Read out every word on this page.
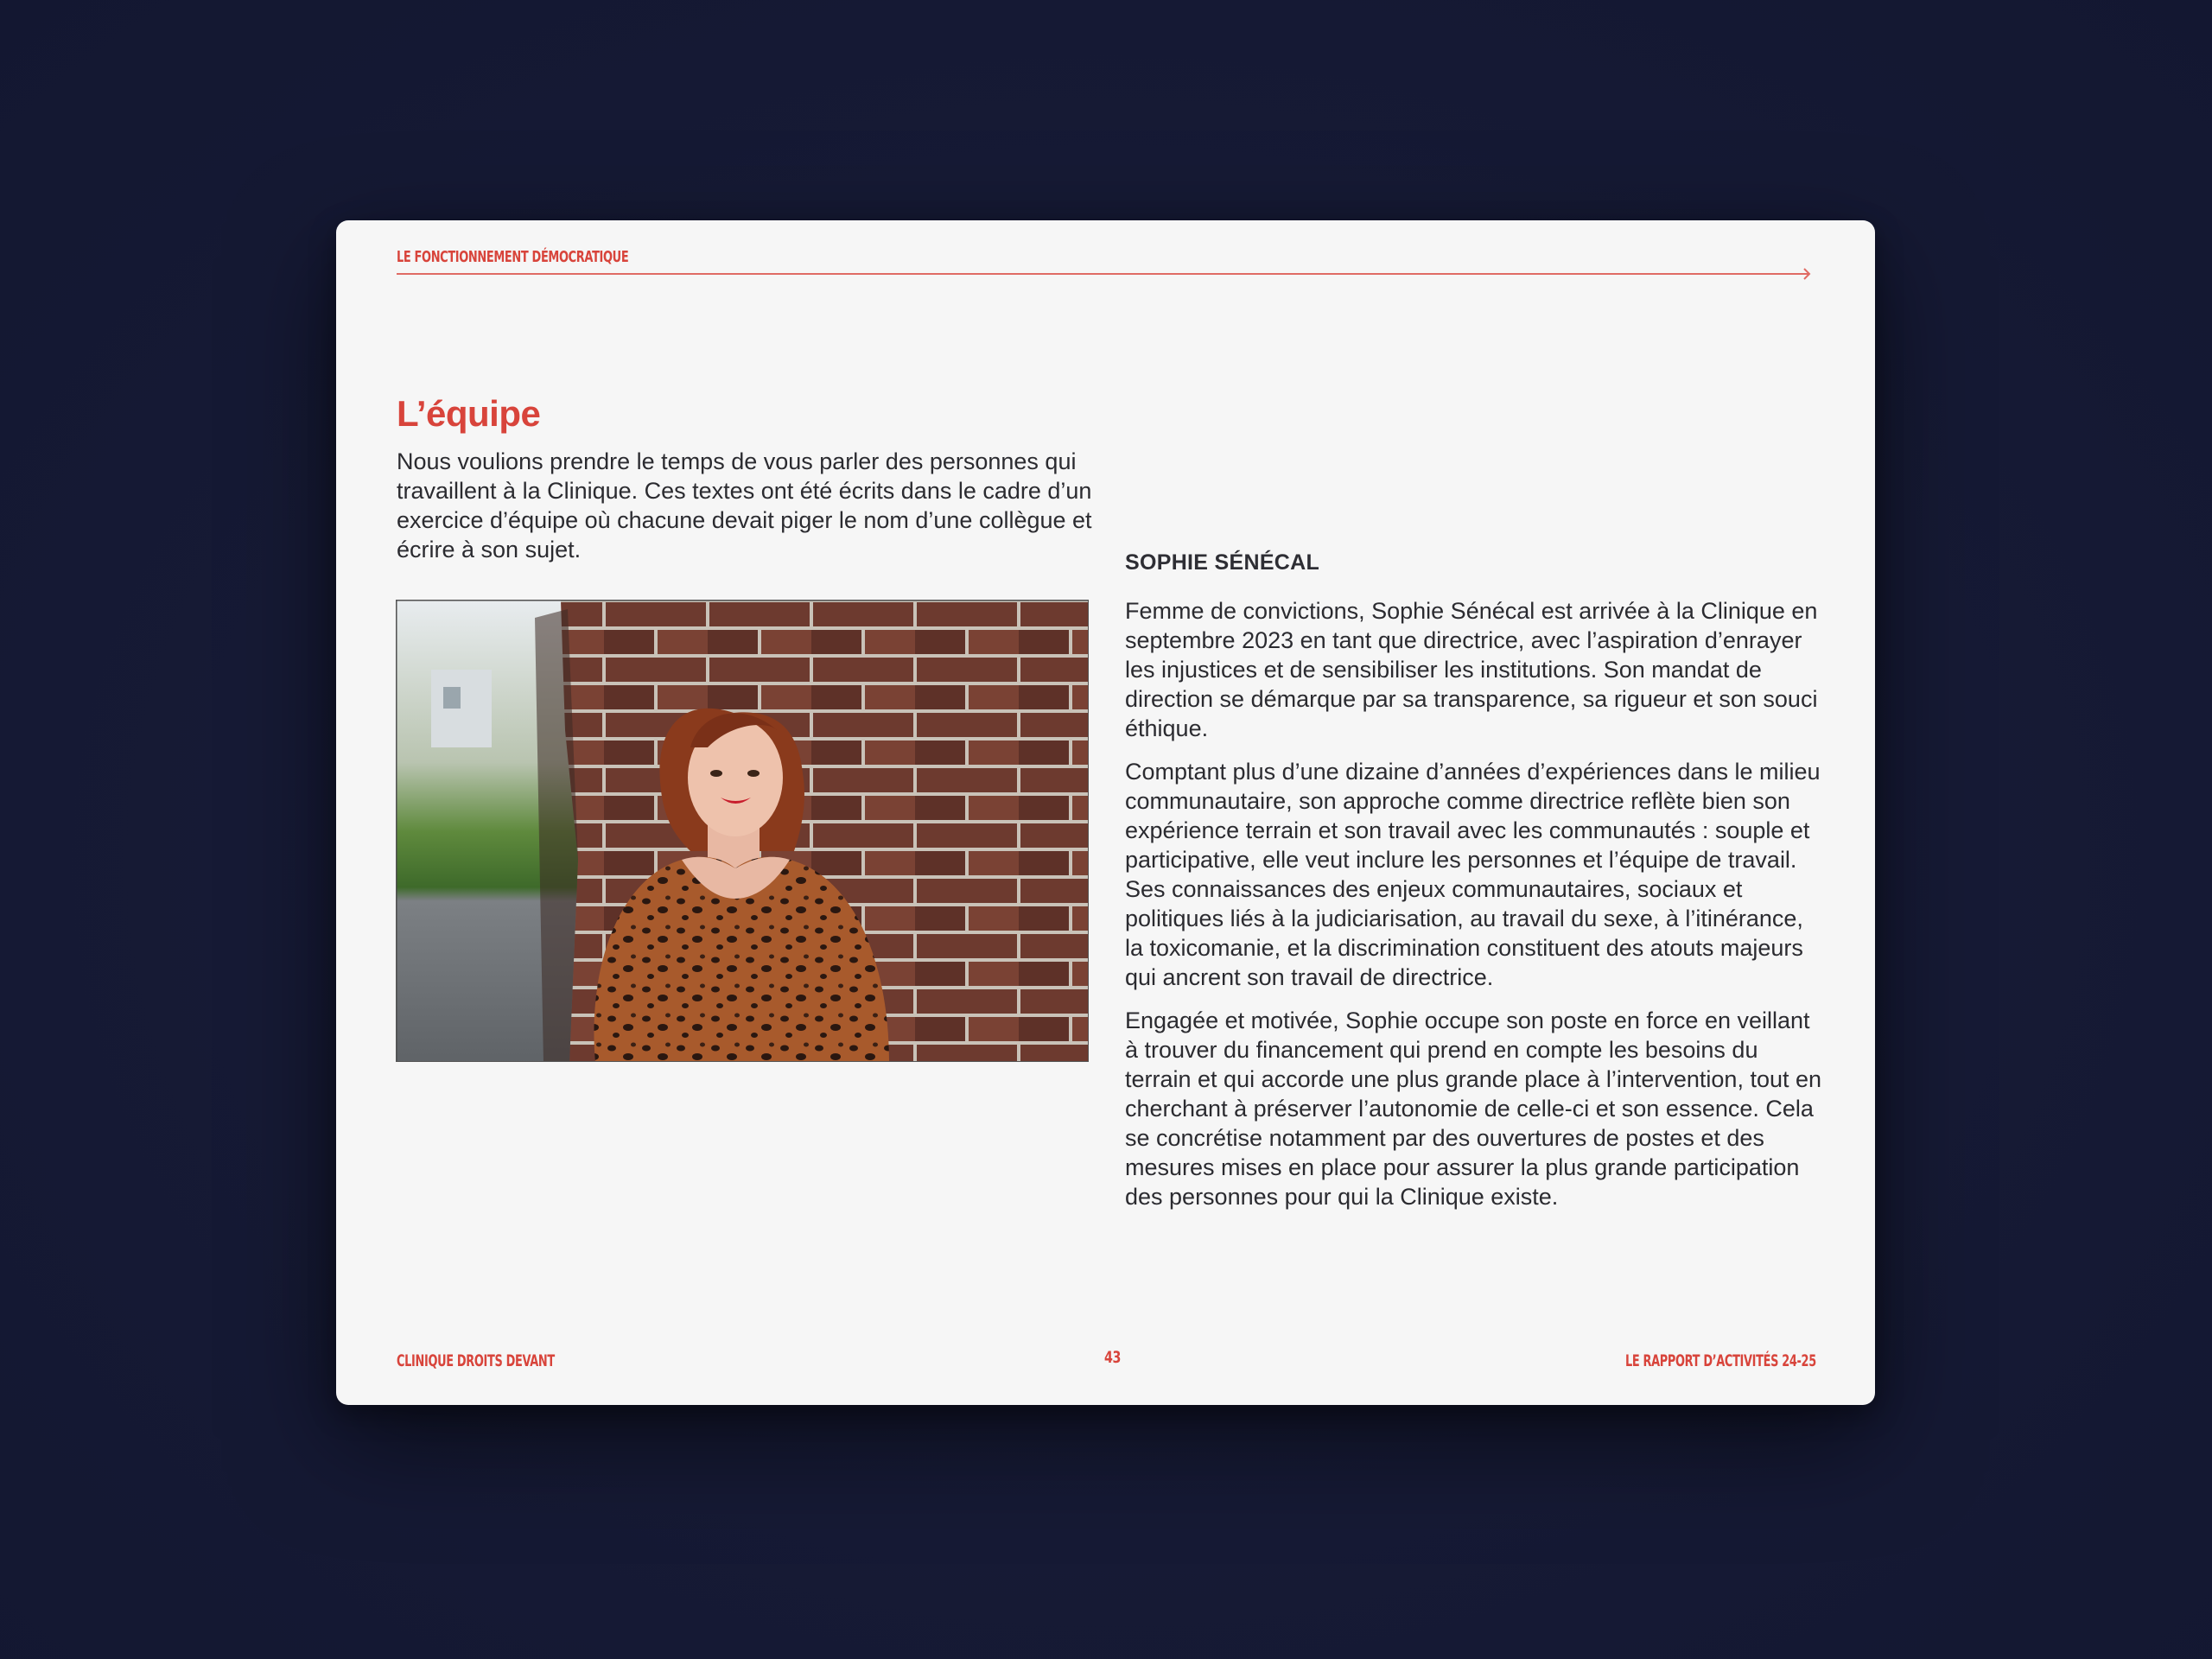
LE FONCTIONNEMENT DÉMOCRATIQUE
L’équipe

Nous voulions prendre le temps de vous parler des personnes qui travaillent à la Clinique. Ces textes ont été écrits dans le cadre d’un exercice d’équipe où chacune devait piger le nom d’une collègue et écrire à son sujet.	SOPHIE SÉNÉCAL

Femme de convictions, Sophie Sénécal est arrivée à la Clinique en septembre 2023 en tant que directrice, avec l’aspiration d’enrayer les injustices et de sensibiliser les institutions. Son mandat de direction se démarque par sa transparence, sa rigueur et son souci éthique.

Comptant plus d’une dizaine d’années d’expériences dans le milieu communautaire, son approche comme directrice reflète bien son expérience terrain et son travail avec les communautés : souple et participative, elle veut inclure les personnes et l’équipe de travail. Ses connaissances des enjeux communautaires, sociaux et politiques liés à la judiciarisation, au travail du sexe, à l’itinérance, la toxicomanie, et la discrimination constituent des atouts majeurs qui ancrent son travail de directrice.

Engagée et motivée, Sophie occupe son poste en force en veillant à trouver du financement qui prend en compte les besoins du terrain et qui accorde une plus grande place à l’intervention, tout en cherchant à préserver l’autonomie de celle-ci et son essence. Cela se concrétise notamment par des ouvertures de postes et des mesures mises en place pour assurer la plus grande participation des personnes pour qui la Clinique existe.

CLINIQUE DROITS DEVANT	43	LE RAPPORT D’ACTIVITÉS 24-25
